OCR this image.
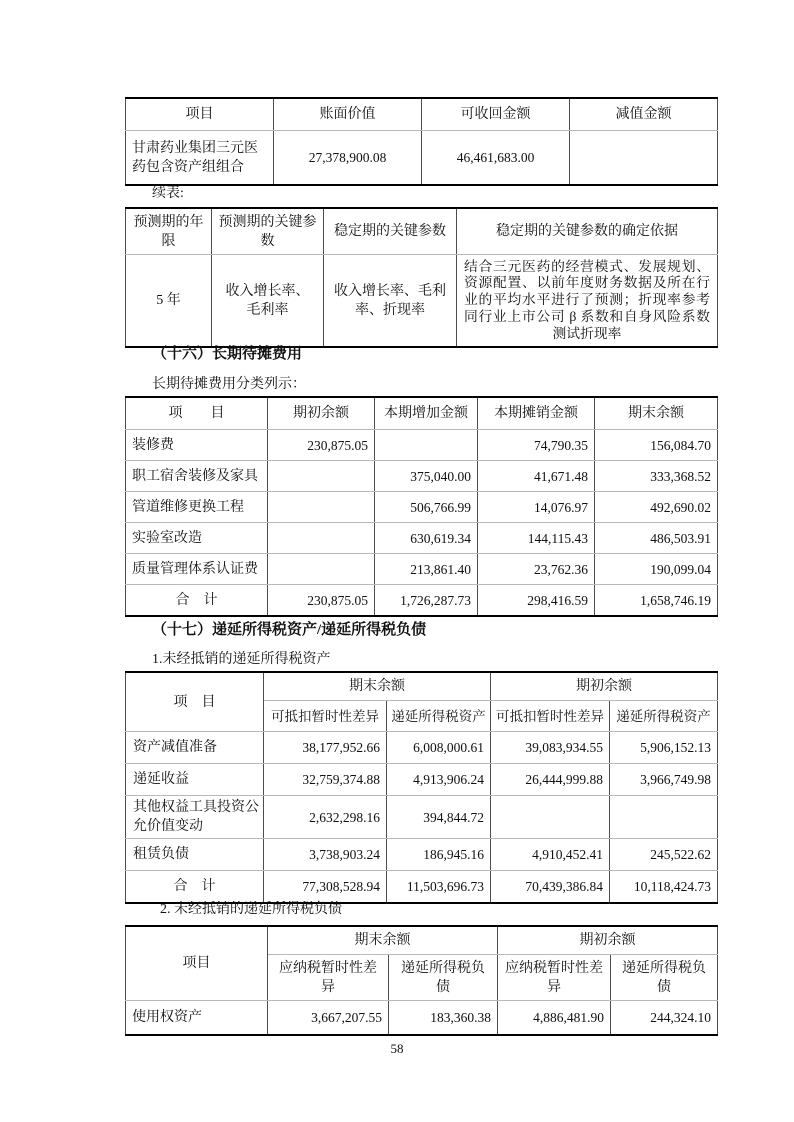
项目	账面价值	可收回金额	减值金额
甘肃药业集团三元医药包含资产组组合	27,378,900.08	46,461,683.00	
续表:
预测期的年限	预测期的关键参数	稳定期的关键参数	稳定期的关键参数的确定依据
5 年	收入增长率、毛利率	收入增长率、毛利率、折现率	结合三元医药的经营模式、发展规划、资源配置、以前年度财务数据及所在行业的平均水平进行了预测；折现率参考同行业上市公司 β 系数和自身风险系数测试折现率
（十六）长期待摊费用
长期待摊费用分类列示：
项　　目	期初余额	本期增加金额	本期摊销金额	期末余额
装修费	230,875.05		74,790.35	156,084.70
职工宿舍装修及家具		375,040.00	41,671.48	333,368.52
管道维修更换工程		506,766.99	14,076.97	492,690.02
实验室改造		630,619.34	144,115.43	486,503.91
质量管理体系认证费		213,861.40	23,762.36	190,099.04
合　计	230,875.05	1,726,287.73	298,416.59	1,658,746.19
（十七）递延所得税资产/递延所得税负债
1.未经抵销的递延所得税资产
项　目	期末余额		期初余额	
	可抵扣暂时性差异	递延所得税资产	可抵扣暂时性差异	递延所得税资产
资产减值准备	38,177,952.66	6,008,000.61	39,083,934.55	5,906,152.13
递延收益	32,759,374.88	4,913,906.24	26,444,999.88	3,966,749.98
其他权益工具投资公允价值变动	2,632,298.16	394,844.72		
租赁负债	3,738,903.24	186,945.16	4,910,452.41	245,522.62
合　计	77,308,528.94	11,503,696.73	70,439,386.84	10,118,424.73
2. 未经抵销的递延所得税负债
项目	期末余额		期初余额	
	应纳税暂时性差异	递延所得税负债	应纳税暂时性差异	递延所得税负债
使用权资产	3,667,207.55	183,360.38	4,886,481.90	244,324.10
58
